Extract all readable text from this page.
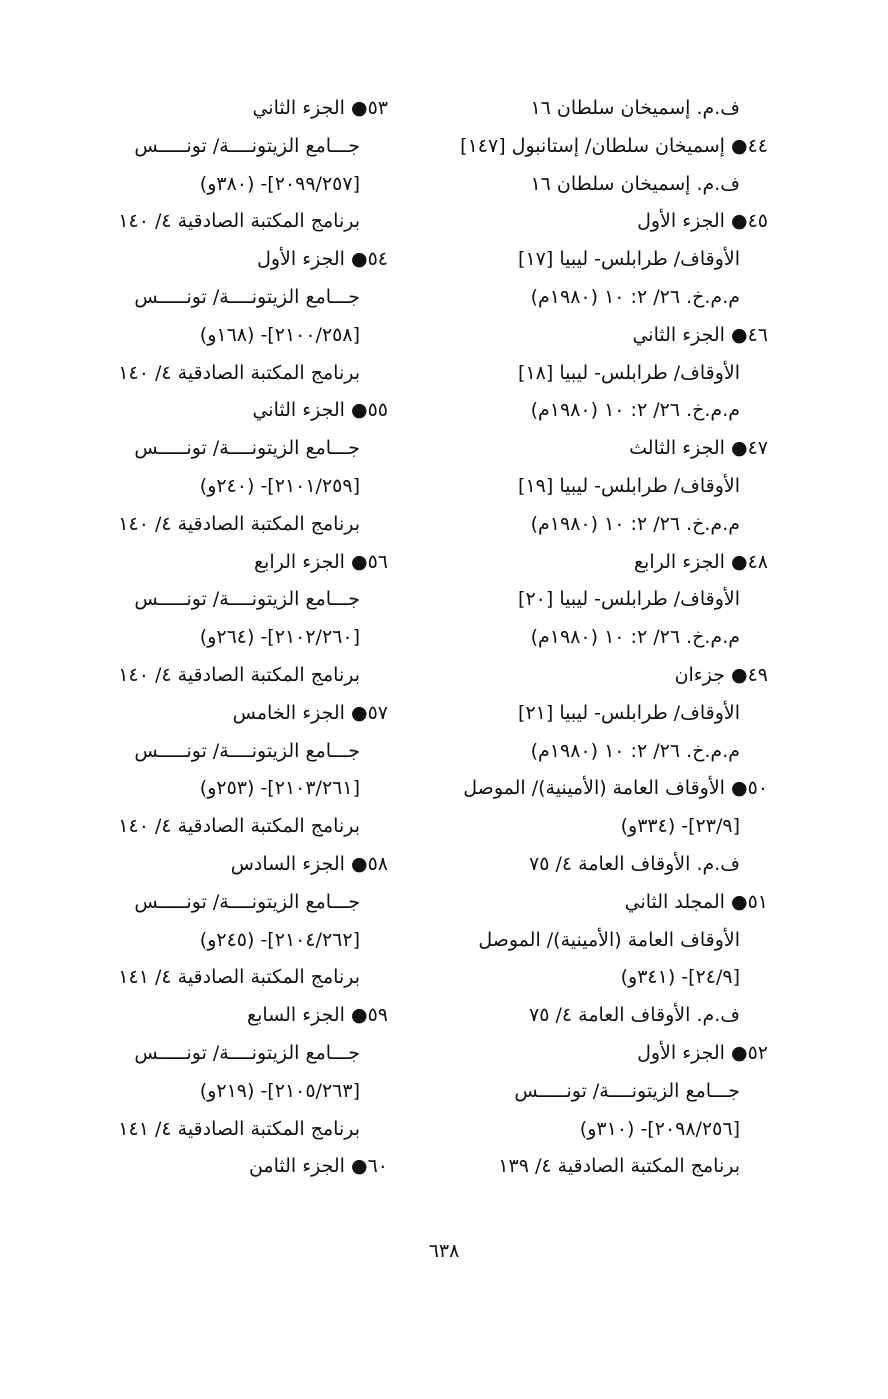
ف.م. إسميخان سلطان ١٦
٤٤● إسميخان سلطان/ إستانبول [١٤٧]
ف.م. إسميخان سلطان ١٦
٤٥● الجزء الأول
الأوقاف/ طرابلس- ليبيا [١٧]
م.م.خ. ٢٦/ ٢: ١٠ (١٩٨٠م)
٤٦● الجزء الثاني
الأوقاف/ طرابلس- ليبيا [١٨]
م.م.خ. ٢٦/ ٢: ١٠ (١٩٨٠م)
٤٧● الجزء الثالث
الأوقاف/ طرابلس- ليبيا [١٩]
م.م.خ. ٢٦/ ٢: ١٠ (١٩٨٠م)
٤٨● الجزء الرابع
الأوقاف/ طرابلس- ليبيا [٢٠]
م.م.خ. ٢٦/ ٢: ١٠ (١٩٨٠م)
٤٩● جزءان
الأوقاف/ طرابلس- ليبيا [٢١]
م.م.خ. ٢٦/ ٢: ١٠ (١٩٨٠م)
٥٠● الأوقاف العامة (الأمينية)/ الموصل
[٢٣/٩]- (٣٣٤و)
ف.م. الأوقاف العامة ٤/ ٧٥
٥١● المجلد الثاني
الأوقاف العامة (الأمينية)/ الموصل
[٢٤/٩]- (٣٤١و)
ف.م. الأوقاف العامة ٤/ ٧٥
٥٢● الجزء الأول
جـــامع الزيتونــــة/ تونـــــس
[٢٠٩٨/٢٥٦]- (٣١٠و)
برنامج المكتبة الصادقية ٤/ ١٣٩
٥٣● الجزء الثاني
جـــامع الزيتونــــة/ تونـــــس
[٢٠٩٩/٢٥٧]- (٣٨٠و)
برنامج المكتبة الصادقية ٤/ ١٤٠
٥٤● الجزء الأول
جـــامع الزيتونــــة/ تونـــــس
[٢١٠٠/٢٥٨]- (١٦٨و)
برنامج المكتبة الصادقية ٤/ ١٤٠
٥٥● الجزء الثاني
جـــامع الزيتونــــة/ تونـــــس
[٢١٠١/٢٥٩]- (٢٤٠و)
برنامج المكتبة الصادقية ٤/ ١٤٠
٥٦● الجزء الرابع
جـــامع الزيتونــــة/ تونـــــس
[٢١٠٢/٢٦٠]- (٢٦٤و)
برنامج المكتبة الصادقية ٤/ ١٤٠
٥٧● الجزء الخامس
جـــامع الزيتونــــة/ تونـــــس
[٢١٠٣/٢٦١]- (٢٥٣و)
برنامج المكتبة الصادقية ٤/ ١٤٠
٥٨● الجزء السادس
جـــامع الزيتونــــة/ تونـــــس
[٢١٠٤/٢٦٢]- (٢٤٥و)
برنامج المكتبة الصادقية ٤/ ١٤١
٥٩● الجزء السابع
جـــامع الزيتونــــة/ تونـــــس
[٢١٠٥/٢٦٣]- (٢١٩و)
برنامج المكتبة الصادقية ٤/ ١٤١
٦٠● الجزء الثامن
٦٣٨
